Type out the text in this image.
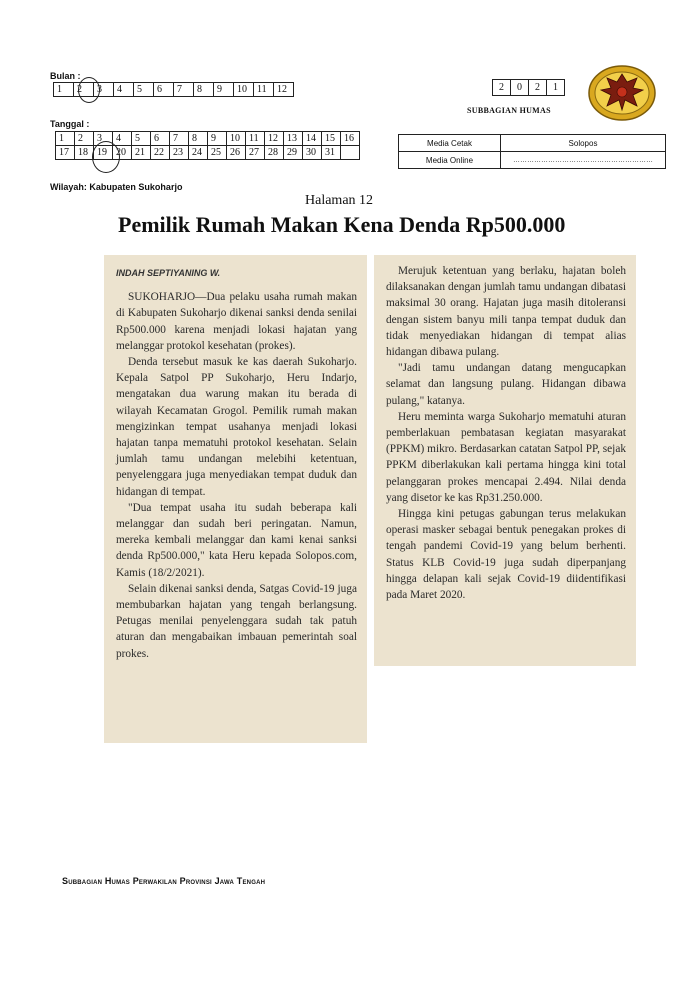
Bulan :
1	2	3	4	5	6	7	8	9	10	11	12
Tanggal :
1	2	3	4	5	6	7	8	9	10	11	12	13	14	15	16
17	18	19	20	21	22	23	24	25	26	27	28	29	30	31	
2	0	2	1
SUBBAGIAN HUMAS
Media Cetak	Solopos
Media Online	……………………………………………………
Wilayah: Kabupaten Sukoharjo
Halaman 12
Pemilik Rumah Makan Kena Denda Rp500.000
INDAH SEPTIYANING W.

SUKOHARJO—Dua pelaku usaha rumah makan di Kabupaten Sukoharjo dikenai sanksi denda senilai Rp500.000 karena menjadi lokasi hajatan yang melanggar protokol kesehatan (prokes).

Denda tersebut masuk ke kas daerah Sukoharjo. Kepala Satpol PP Sukoharjo, Heru Indarjo, mengatakan dua warung makan itu berada di wilayah Kecamatan Grogol. Pemilik rumah makan mengizinkan tempat usahanya menjadi lokasi hajatan tanpa mematuhi protokol kesehatan. Selain jumlah tamu undangan melebihi ketentuan, penyelenggara juga menyediakan tempat duduk dan hidangan di tempat.

"Dua tempat usaha itu sudah beberapa kali melanggar dan sudah beri peringatan. Namun, mereka kembali melanggar dan kami kenai sanksi denda Rp500.000," kata Heru kepada Solopos.com, Kamis (18/2/2021).

Selain dikenai sanksi denda, Satgas Covid-19 juga membubarkan hajatan yang tengah berlangsung. Petugas menilai penyelenggara sudah tak patuh aturan dan mengabaikan imbauan pemerintah soal prokes.

Merujuk ketentuan yang berlaku, hajatan boleh dilaksanakan dengan jumlah tamu undangan dibatasi maksimal 30 orang. Hajatan juga masih ditoleransi dengan sistem banyu mili tanpa tempat duduk dan tidak menyediakan hidangan di tempat alias hidangan dibawa pulang.

"Jadi tamu undangan datang mengucapkan selamat dan langsung pulang. Hidangan dibawa pulang," katanya.

Heru meminta warga Sukoharjo mematuhi aturan pemberlakuan pembatasan kegiatan masyarakat (PPKM) mikro. Berdasarkan catatan Satpol PP, sejak PPKM diberlakukan kali pertama hingga kini total pelanggaran prokes mencapai 2.494. Nilai denda yang disetor ke kas Rp31.250.000.

Hingga kini petugas gabungan terus melakukan operasi masker sebagai bentuk penegakan prokes di tengah pandemi Covid-19 yang belum berhenti. Status KLB Covid-19 juga sudah diperpanjang hingga delapan kali sejak Covid-19 diidentifikasi pada Maret 2020.

Subbagian Humas Perwakilan Provinsi Jawa Tengah
